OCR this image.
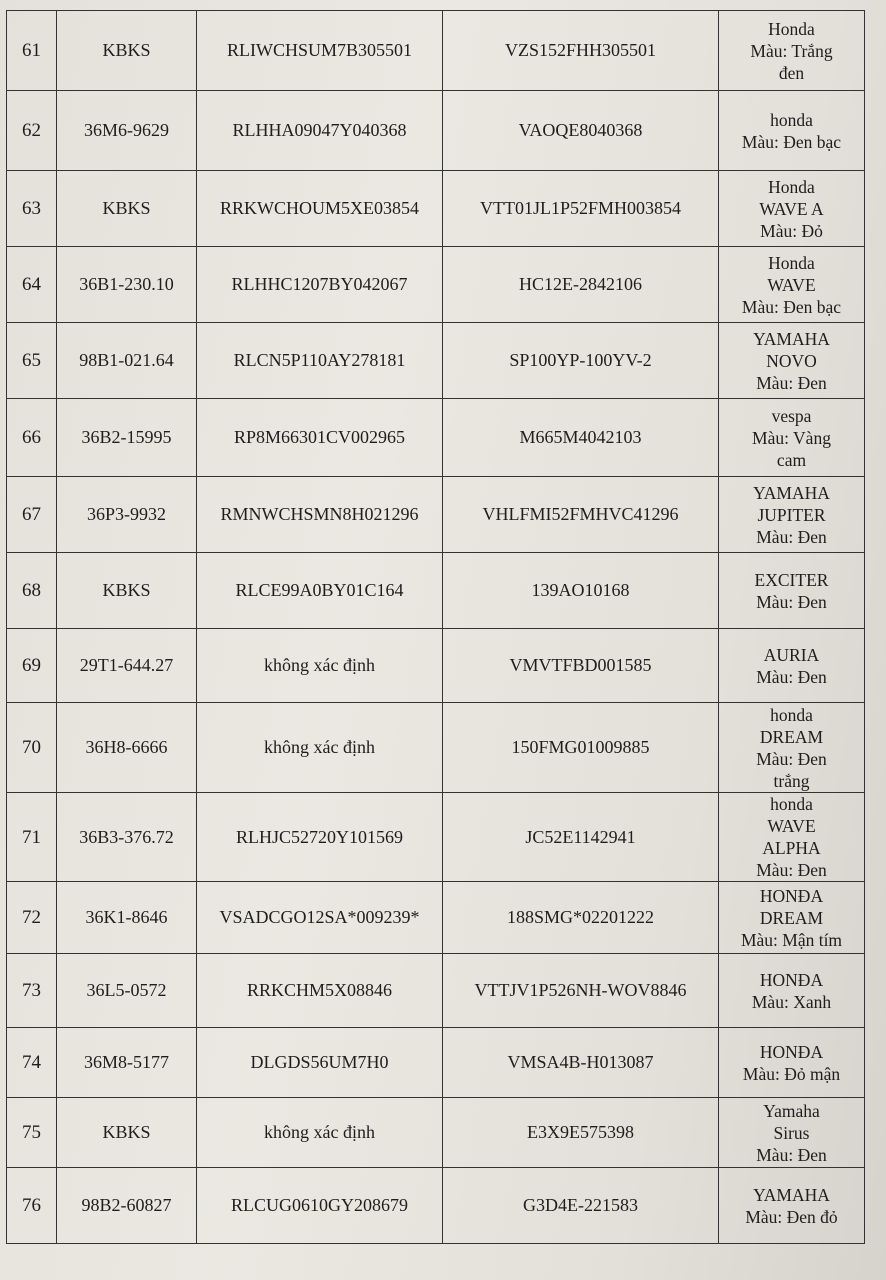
61	KBKS	RLIWCHSUM7B305501	VZS152FHH305501	Honda
Màu: Trắng
đen

62	36M6-9629	RLHHA09047Y040368	VAOQE8040368	honda
Màu: Đen bạc

63	KBKS	RRKWCHOUM5XE03854	VTT01JL1P52FMH003854	Honda
WAVE A
Màu: Đỏ

64	36B1-230.10	RLHHC1207BY042067	HC12E-2842106	Honda
WAVE
Màu: Đen bạc

65	98B1-021.64	RLCN5P110AY278181	SP100YP-100YV-2	YAMAHA
NOVO
Màu: Đen

66	36B2-15995	RP8M66301CV002965	M665M4042103	vespa
Màu: Vàng
cam

67	36P3-9932	RMNWCHSMN8H021296	VHLFMI52FMHVC41296	YAMAHA
JUPITER
Màu: Đen

68	KBKS	RLCE99A0BY01C164	139AO10168	EXCITER
Màu: Đen

69	29T1-644.27	không xác định	VMVTFBD001585	AURIA
Màu: Đen

70	36H8-6666	không xác định	150FMG01009885	honda
DREAM
Màu: Đen
trắng

71	36B3-376.72	RLHJC52720Y101569	JC52E1142941	honda
WAVE
ALPHA
Màu: Đen

72	36K1-8646	VSADCGO12SA*009239*	188SMG*02201222	HONĐA
DREAM
Màu: Mận tím

73	36L5-0572	RRKCHM5X08846	VTTJV1P526NH-WOV8846	HONĐA
Màu: Xanh

74	36M8-5177	DLGDS56UM7H0	VMSA4B-H013087	HONĐA
Màu: Đỏ mận

75	KBKS	không xác định	E3X9E575398	Yamaha
Sirus
Màu: Đen

76	98B2-60827	RLCUG0610GY208679	G3D4E-221583	YAMAHA
Màu: Đen đỏ
